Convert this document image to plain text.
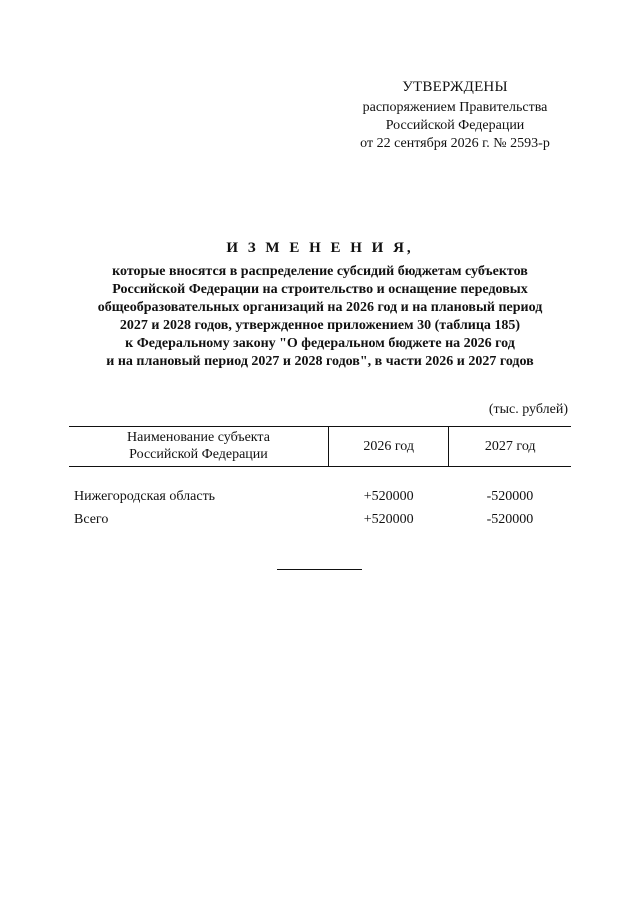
УТВЕРЖДЕНЫ
распоряжением Правительства
Российской Федерации
от 22 сентября 2026 г. № 2593-р
И З М Е Н Е Н И Я,
которые вносятся в распределение субсидий бюджетам субъектов
Российской Федерации на строительство и оснащение передовых
общеобразовательных организаций на 2026 год и на плановый период
2027 и 2028 годов, утвержденное приложением 30 (таблица 185)
к Федеральному закону "О федеральном бюджете на 2026 год
и на плановый период 2027 и 2028 годов", в части 2026 и 2027 годов
(тыс. рублей)
Наименование субъекта
Российской Федерации	2026 год	2027 год
Нижегородская область	+520000	-520000
Всего	+520000	-520000
